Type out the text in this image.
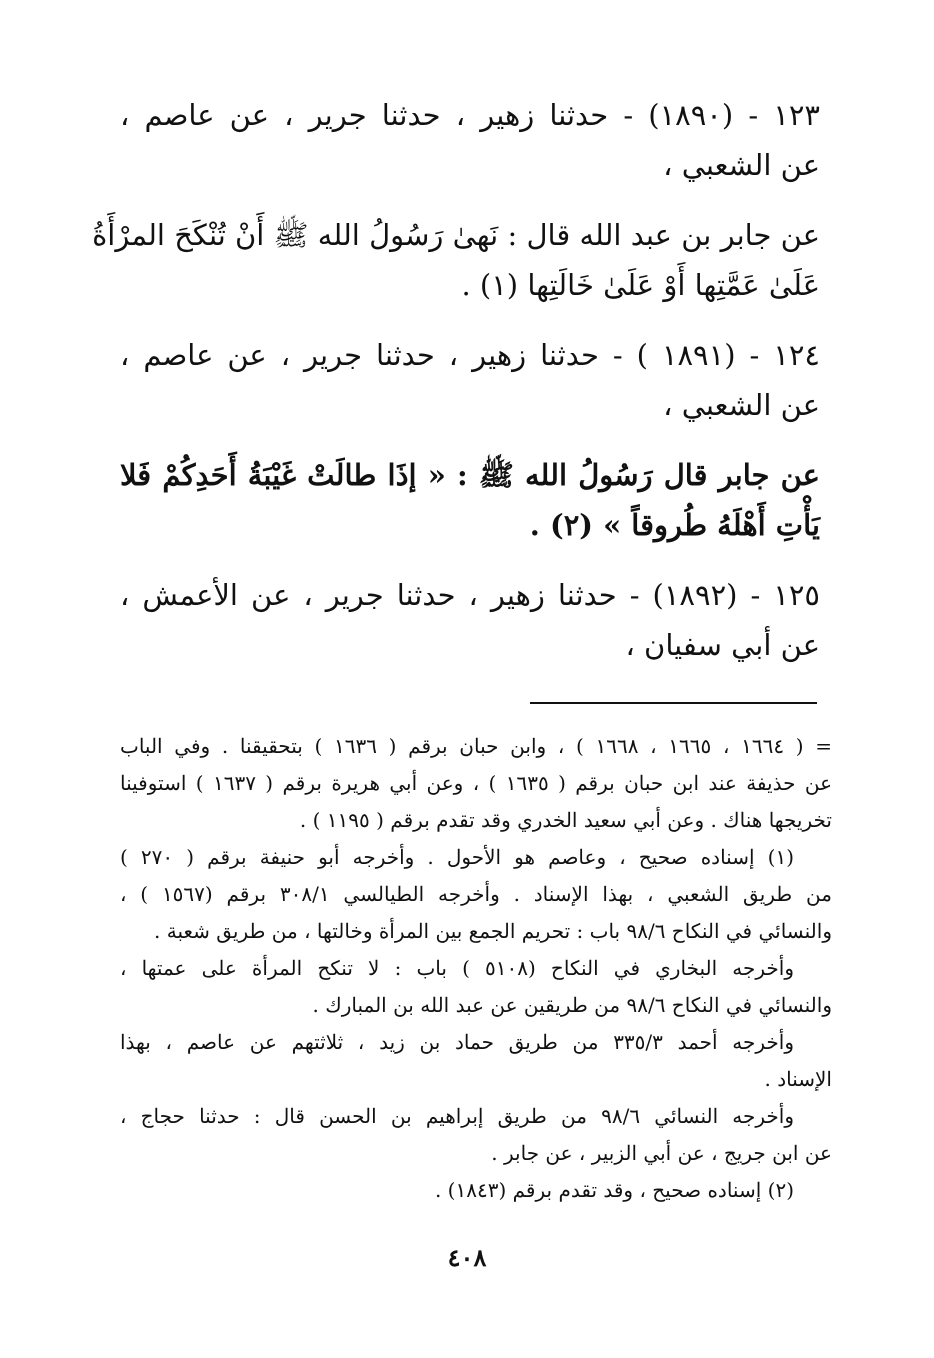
١٢٣ - (١٨٩٠) - حدثنا زهير ، حدثنا جرير ، عن عاصم ،
عن الشعبي ،
عن جابر بن عبد الله قال : نَهىٰ رَسُولُ الله ﷺ أَنْ تُنْكَحَ المرْأَةُ
عَلَىٰ عَمَّتِها أَوْ عَلَىٰ خَالَتِها (١) .
١٢٤ - (١٨٩١ ) - حدثنا زهير ، حدثنا جرير ، عن عاصم ،
عن الشعبي ،
عن جابر قال رَسُولُ الله ﷺ : « إذَا طالَتْ غَيْبَةُ أَحَدِكُمْ فَلا
يَأْتِ أَهْلَهُ طُروقاً » (٢) .
١٢٥ - (١٨٩٢) - حدثنا زهير ، حدثنا جرير ، عن الأعمش ،
عن أبي سفيان ،
= ( ١٦٦٤ ، ١٦٦٥ ، ١٦٦٨ ) ، وابن حبان برقم ( ١٦٣٦ ) بتحقيقنا . وفي الباب
عن حذيفة عند ابن حبان برقم ( ١٦٣٥ ) ، وعن أبي هريرة برقم ( ١٦٣٧ ) استوفينا
تخريجها هناك . وعن أبي سعيد الخدري وقد تقدم برقم ( ١١٩٥ ) .
(١) إسناده صحيح ، وعاصم هو الأحول . وأخرجه أبو حنيفة برقم ( ٢٧٠ )
من طريق الشعبي ، بهذا الإسناد . وأخرجه الطيالسي ٣٠٨/١ برقم (١٥٦٧ ) ،
والنسائي في النكاح ٩٨/٦ باب : تحريم الجمع بين المرأة وخالتها ، من طريق شعبة .
وأخرجه البخاري في النكاح (٥١٠٨ ) باب : لا تنكح المرأة على عمتها ،
والنسائي في النكاح ٩٨/٦ من طريقين عن عبد الله بن المبارك .
وأخرجه أحمد ٣٣٥/٣ من طريق حماد بن زيد ، ثلاثتهم عن عاصم ، بهذا
الإسناد .
وأخرجه النسائي ٩٨/٦ من طريق إبراهيم بن الحسن قال : حدثنا حجاج ،
عن ابن جريج ، عن أبي الزبير ، عن جابر .
(٢) إسناده صحيح ، وقد تقدم برقم (١٨٤٣) .
٤٠٨
